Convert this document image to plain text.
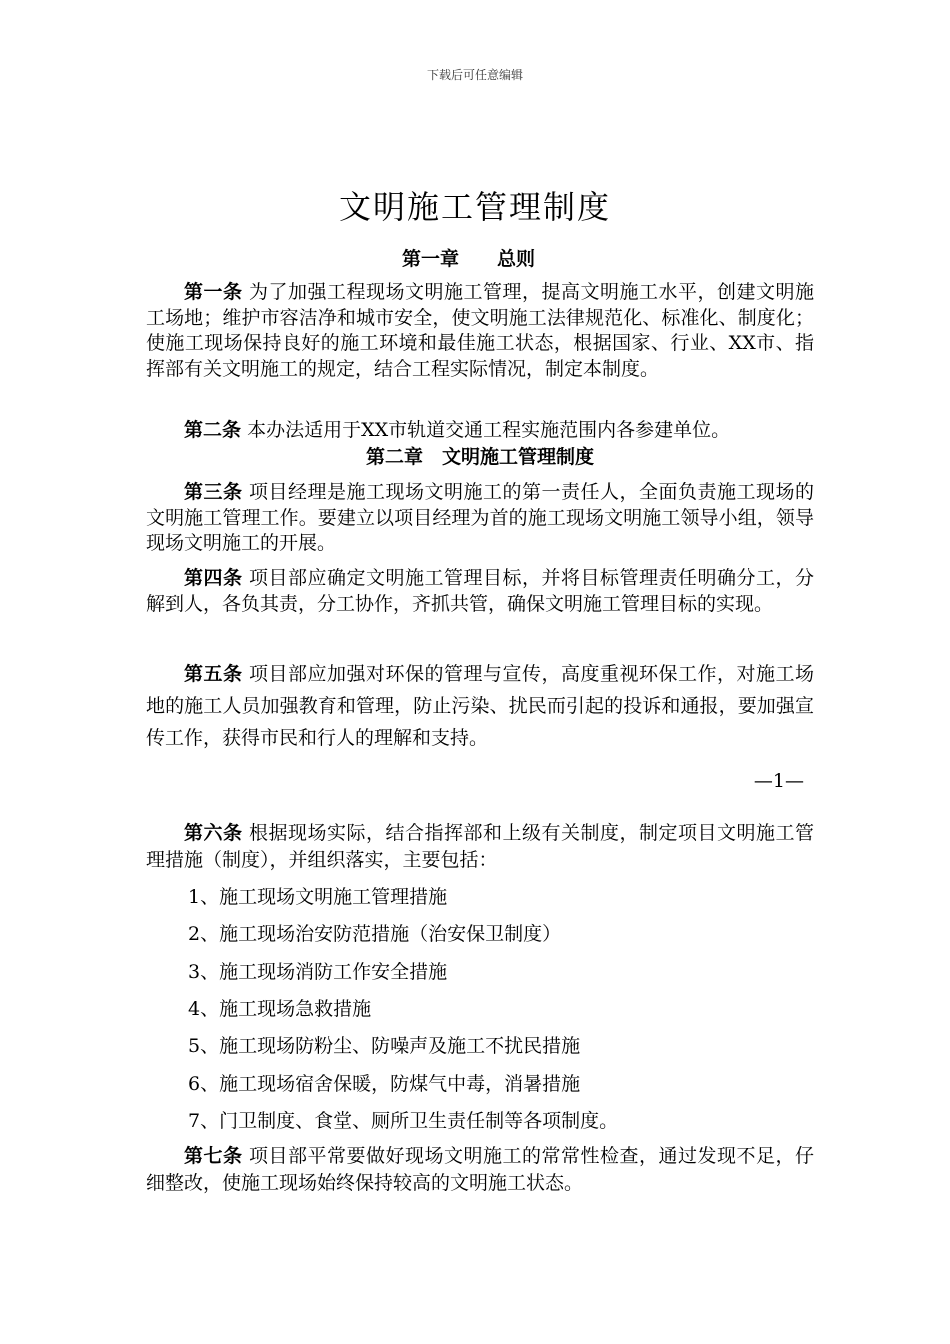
下载后可任意编辑
文明施工管理制度
第一章　　总则
第一条 为了加强工程现场文明施工管理，提高文明施工水平，创建文明施工场地；维护市容洁净和城市安全，使文明施工法律规范化、标准化、制度化；使施工现场保持良好的施工环境和最佳施工状态，根据国家、行业、XX市、指挥部有关文明施工的规定，结合工程实际情况，制定本制度。
第二条 本办法适用于XX市轨道交通工程实施范围内各参建单位。
第二章　文明施工管理制度
第三条 项目经理是施工现场文明施工的第一责任人，全面负责施工现场的文明施工管理工作。要建立以项目经理为首的施工现场文明施工领导小组，领导现场文明施工的开展。
第四条 项目部应确定文明施工管理目标，并将目标管理责任明确分工，分解到人，各负其责，分工协作，齐抓共管，确保文明施工管理目标的实现。
第五条 项目部应加强对环保的管理与宣传，高度重视环保工作，对施工场地的施工人员加强教育和管理，防止污染、扰民而引起的投诉和通报，要加强宣传工作，获得市民和行人的理解和支持。
—1—
第六条 根据现场实际，结合指挥部和上级有关制度，制定项目文明施工管理措施（制度），并组织落实，主要包括：
1、施工现场文明施工管理措施
2、施工现场治安防范措施（治安保卫制度）
3、施工现场消防工作安全措施
4、施工现场急救措施
5、施工现场防粉尘、防噪声及施工不扰民措施
6、施工现场宿舍保暖，防煤气中毒，消暑措施
7、门卫制度、食堂、厕所卫生责任制等各项制度。
第七条 项目部平常要做好现场文明施工的常常性检查，通过发现不足，仔细整改，使施工现场始终保持较高的文明施工状态。
